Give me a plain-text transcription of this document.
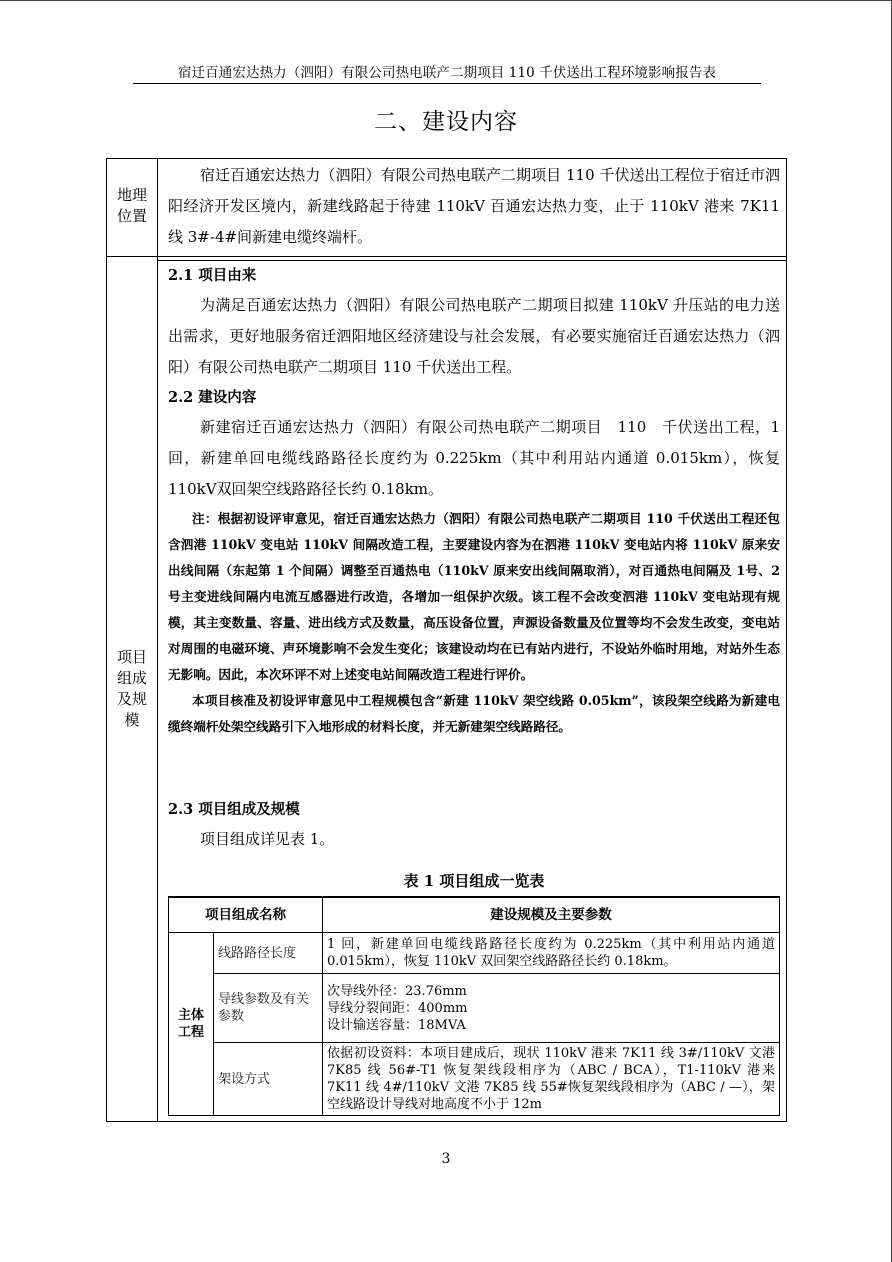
宿迁百通宏达热力（泗阳）有限公司热电联产二期项目 110 千伏送出工程环境影响报告表
二、建设内容
地理
位置

宿迁百通宏达热力（泗阳）有限公司热电联产二期项目 110 千伏送出工程位于宿迁市泗阳经济开发区境内，新建线路起于待建 110kV 百通宏达热力变，止于 110kV 港来 7K11 线 3#-4#间新建电缆终端杆。

项目
组成
及规
模

2.1 项目由来

为满足百通宏达热力（泗阳）有限公司热电联产二期项目拟建 110kV 升压站的电力送出需求，更好地服务宿迁泗阳地区经济建设与社会发展，有必要实施宿迁百通宏达热力（泗阳）有限公司热电联产二期项目 110 千伏送出工程。

2.2 建设内容

新建宿迁百通宏达热力（泗阳）有限公司热电联产二期项目　110　千伏送出工程，1 回，新建单回电缆线路路径长度约为 0.225km（其中利用站内通道 0.015km），恢复 110kV双回架空线路路径长约 0.18km。

注：根据初设评审意见，宿迁百通宏达热力（泗阳）有限公司热电联产二期项目 110 千伏送出工程还包含泗港 110kV 变电站 110kV 间隔改造工程，主要建设内容为在泗港 110kV 变电站内将 110kV 原来安出线间隔（东起第 1 个间隔）调整至百通热电（110kV 原来安出线间隔取消），对百通热电间隔及 1号、2 号主变进线间隔内电流互感器进行改造，各增加一组保护次级。该工程不会改变泗港 110kV 变电站现有规模，其主变数量、容量、进出线方式及数量，高压设备位置，声源设备数量及位置等均不会发生改变，变电站对周围的电磁环境、声环境影响不会发生变化；该建设动均在已有站内进行，不设站外临时用地，对站外生态无影响。因此，本次环评不对上述变电站间隔改造工程进行评价。

本项目核准及初设评审意见中工程规模包含“新建 110kV 架空线路 0.05km”，该段架空线路为新建电缆终端杆处架空线路引下入地形成的材料长度，并无新建架空线路路径。

2.3 项目组成及规模

项目组成详见表 1。

表 1 项目组成一览表
项目组成名称		建设规模及主要参数
主体工程	线路路径长度	1 回，新建单回电缆线路路径长度约为 0.225km（其中利用站内通道 0.015km），恢复 110kV 双回架空线路路径长约 0.18km。
	导线参数及有关参数	次导线外径：23.76mm
导线分裂间距：400mm
设计输送容量：18MVA

	架设方式	依据初设资料：本项目建成后，现状 110kV 港来 7K11 线 3#/110kV 文港 7K85 线 56#-T1 恢复架线段相序为（ABC / BCA），T1-110kV 港来 7K11 线 4#/110kV 文港 7K85 线 55#恢复架线段相序为（ABC / —），架空线路设计导线对地高度不小于 12m
3
